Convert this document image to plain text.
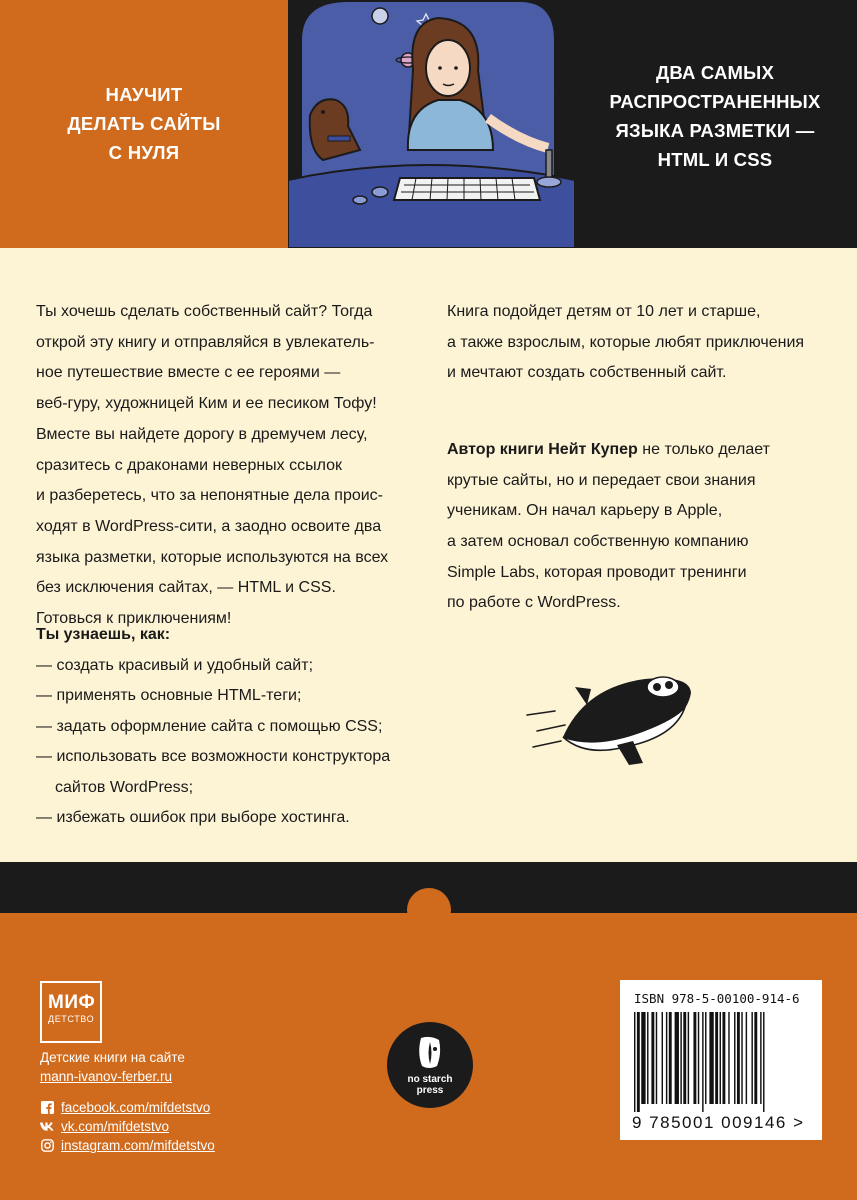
НАУЧИТ
ДЕЛАТЬ САЙТЫ
С НУЛЯ
ДВА САМЫХ
РАСПРОСТРАНЕННЫХ
ЯЗЫКА РАЗМЕТКИ —
HTML И CSS
Ты хочешь сделать собственный сайт? Тогда
открой эту книгу и отправляйся в увлекатель-
ное путешествие вместе с ее героями —
веб-гуру, художницей Ким и ее песиком Тофу!
Вместе вы найдете дорогу в дремучем лесу,
сразитесь с драконами неверных ссылок
и разберетесь, что за непонятные дела проис-
ходят в WordPress-сити, а заодно освоите два
языка разметки, которые используются на всех
без исключения сайтах, — HTML и CSS.
Готовься к приключениям!
Ты узнаешь, как:
— создать красивый и удобный сайт;
— применять основные HTML-теги;
— задать оформление сайта с помощью CSS;
— использовать все возможности конструктора
сайтов WordPress;
— избежать ошибок при выборе хостинга.
Книга подойдет детям от 10 лет и старше,
а также взрослым, которые любят приключения
и мечтают создать собственный сайт.
Автор книги Нейт Купер не только делает
крутые сайты, но и передает свои знания
ученикам. Он начал карьеру в Apple,
а затем основал собственную компанию
Simple Labs, которая проводит тренинги
по работе с WordPress.
МИФ
ДЕТСТВО
Детские книги на сайте
mann-ivanov-ferber.ru
facebook.com/mifdetstvo
vk.com/mifdetstvo
instagram.com/mifdetstvo
no starch
press
ISBN 978-5-00100-914-6
9 785001 009146 >
